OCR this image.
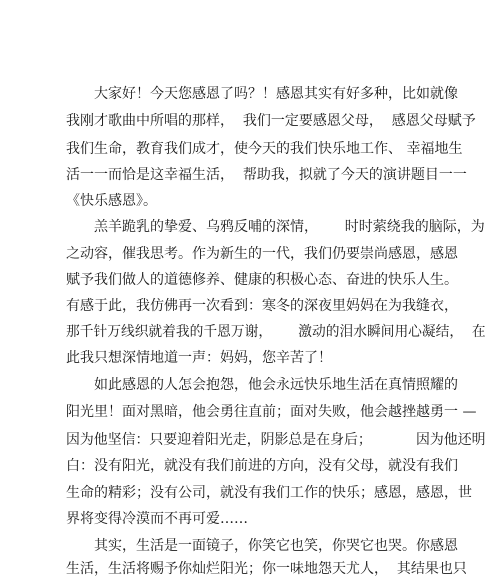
大家好！今天您感恩了吗？！感恩其实有好多种，比如就像
我刚才歌曲中所唱的那样，  我们一定要感恩父母，  感恩父母赋予
我们生命，教育我们成才，使今天的我们快乐地工作、 幸福地生
活一一而恰是这幸福生活，  帮助我，拟就了今天的演讲题目一一
《快乐感恩》。
羔羊跪乳的挚爱、乌鸦反哺的深情，      时时萦绕我的脑际，为
之动容，催我思考。作为新生的一代，我们仍要崇尚感恩，感恩
赋予我们做人的道德修养、健康的积极心态、奋进的快乐人生。
有感于此，我仿佛再一次看到：寒冬的深夜里妈妈在为我缝衣，
那千针万线织就着我的千恩万谢，      激动的泪水瞬间用心凝结，  在
此我只想深情地道一声：妈妈，您辛苦了！
如此感恩的人怎会抱怨，他会永远快乐地生活在真情照耀的
阳光里！面对黑暗，他会勇往直前；面对失败，他会越挫越勇一 —
因为他坚信：只要迎着阳光走，阴影总是在身后；          因为他还明
白：没有阳光，就没有我们前进的方向，没有父母，就没有我们
生命的精彩；没有公司，就没有我们工作的快乐；感恩，感恩，世
界将变得冷漠而不再可爱……
其实，生活是一面镜子，你笑它也笑，你哭它也哭。你感恩
生活，生活将赐予你灿烂阳光；你一味地怨天尤人，  其结果也只
